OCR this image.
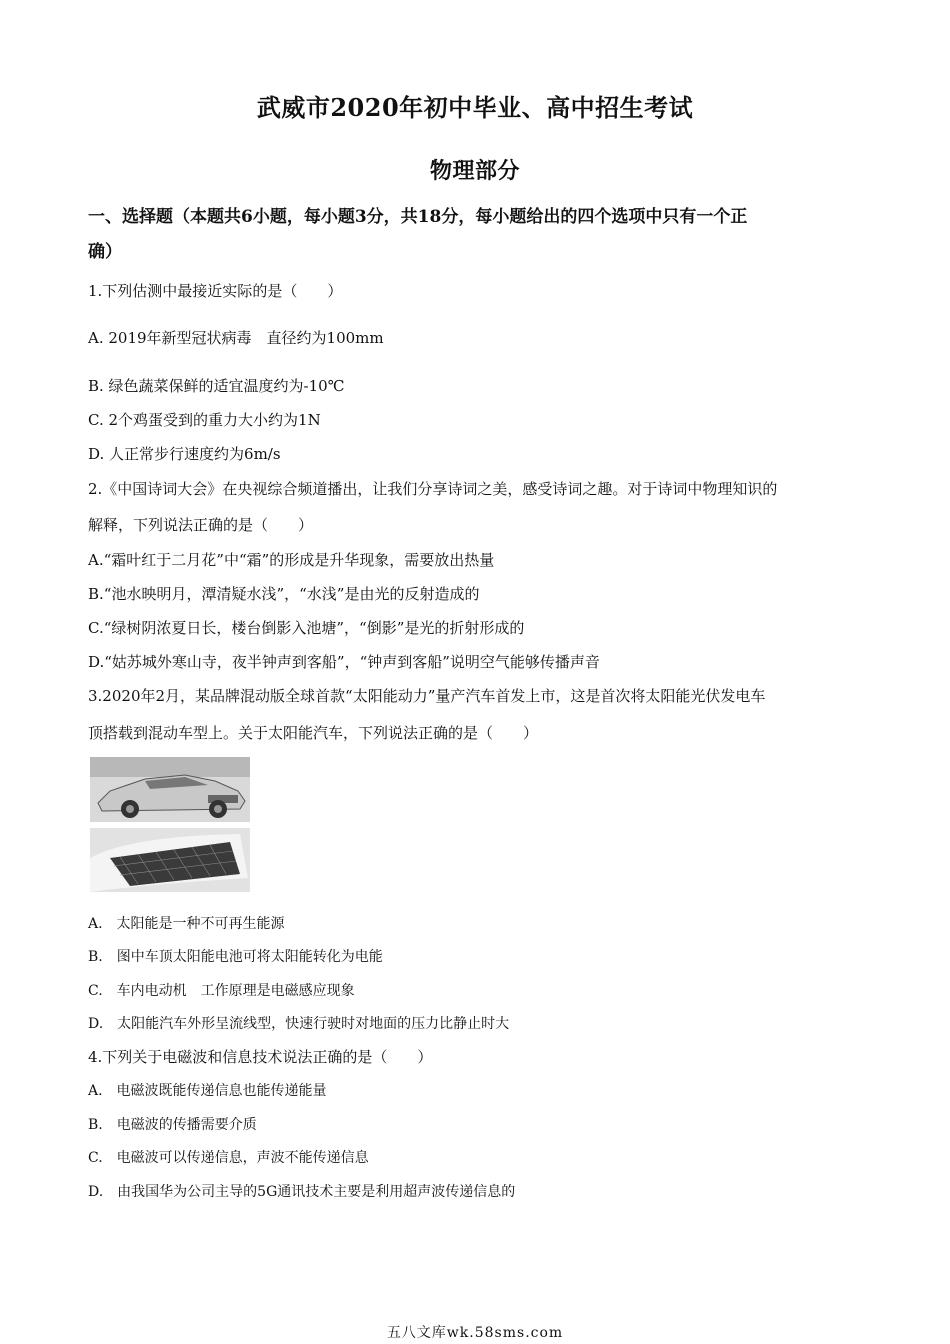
武威市2020年初中毕业、高中招生考试
物理部分
一、选择题（本题共6小题，每小题3分，共18分，每小题给出的四个选项中只有一个正
确）
1.下列估测中最接近实际的是（　　）
A. 2019年新型冠状病毒　直径约为100mm
B. 绿色蔬菜保鲜的适宜温度约为-10℃
C. 2个鸡蛋受到的重力大小约为1N
D. 人正常步行速度约为6m/s
2.《中国诗词大会》在央视综合频道播出，让我们分享诗词之美，感受诗词之趣。对于诗词中物理知识的
解释，下列说法正确的是（　　）
A.“霜叶红于二月花”中“霜”的形成是升华现象，需要放出热量
B.“池水映明月，潭清疑水浅”，“水浅”是由光的反射造成的
C.“绿树阴浓夏日长，楼台倒影入池塘”，“倒影”是光的折射形成的
D.“姑苏城外寒山寺，夜半钟声到客船”，“钟声到客船”说明空气能够传播声音
3.2020年2月，某品牌混动版全球首款“太阳能动力”量产汽车首发上市，这是首次将太阳能光伏发电车
顶搭载到混动车型上。关于太阳能汽车，下列说法正确的是（　　）
A.　太阳能是一种不可再生能源
B.　图中车顶太阳能电池可将太阳能转化为电能
C.　车内电动机　工作原理是电磁感应现象
D.　太阳能汽车外形呈流线型，快速行驶时对地面的压力比静止时大
4.下列关于电磁波和信息技术说法正确的是（　　）
A.　电磁波既能传递信息也能传递能量
B.　电磁波的传播需要介质
C.　电磁波可以传递信息，声波不能传递信息
D.　由我国华为公司主导的5G通讯技术主要是利用超声波传递信息的
五八文库wk.58sms.com
